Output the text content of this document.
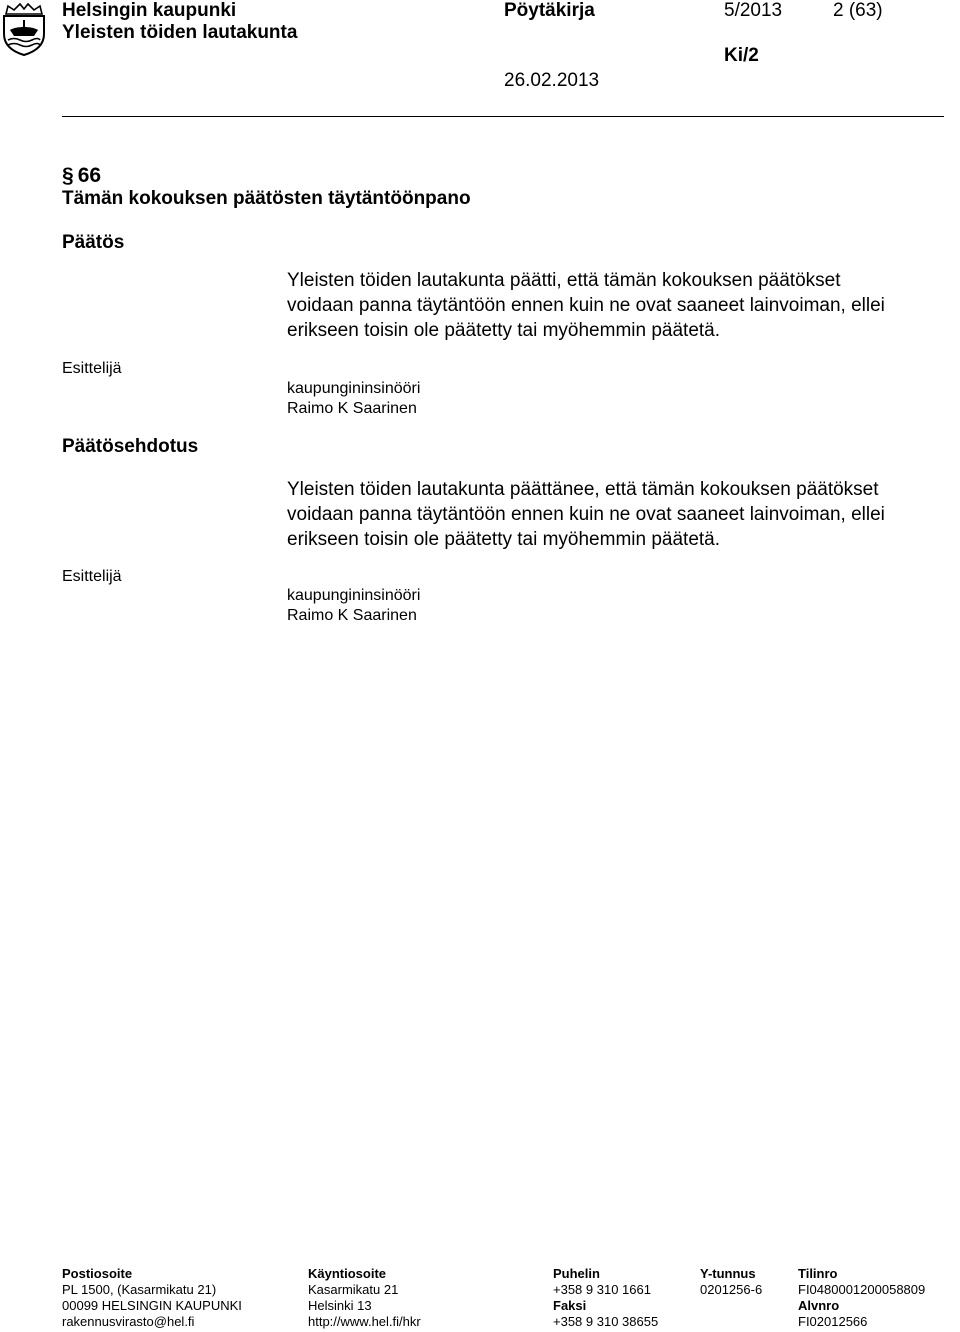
Helsingin kaupunki
Yleisten töiden lautakunta
Pöytäkirja	5/2013	2 (63)
Ki/2
26.02.2013
§ 66
Tämän kokouksen päätösten täytäntöönpano
Päätös
Yleisten töiden lautakunta päätti, että tämän kokouksen päätökset
voidaan panna täytäntöön ennen kuin ne ovat saaneet lainvoiman, ellei
erikseen toisin ole päätetty tai myöhemmin päätetä.
Esittelijä
kaupungininsinööri
Raimo K Saarinen
Päätösehdotus
Yleisten töiden lautakunta päättänee, että tämän kokouksen päätökset
voidaan panna täytäntöön ennen kuin ne ovat saaneet lainvoiman, ellei
erikseen toisin ole päätetty tai myöhemmin päätetä.
Esittelijä
kaupungininsinööri
Raimo K Saarinen
Postiosoite
PL 1500, (Kasarmikatu 21)
00099 HELSINGIN KAUPUNKI
rakennusvirasto@hel.fi
Käyntiosoite
Kasarmikatu 21
Helsinki 13
http://www.hel.fi/hkr
Puhelin
+358 9 310 1661
Faksi
+358 9 310 38655
Y-tunnus
0201256-6
Tilinro
FI0480001200058809
Alvnro
FI02012566
